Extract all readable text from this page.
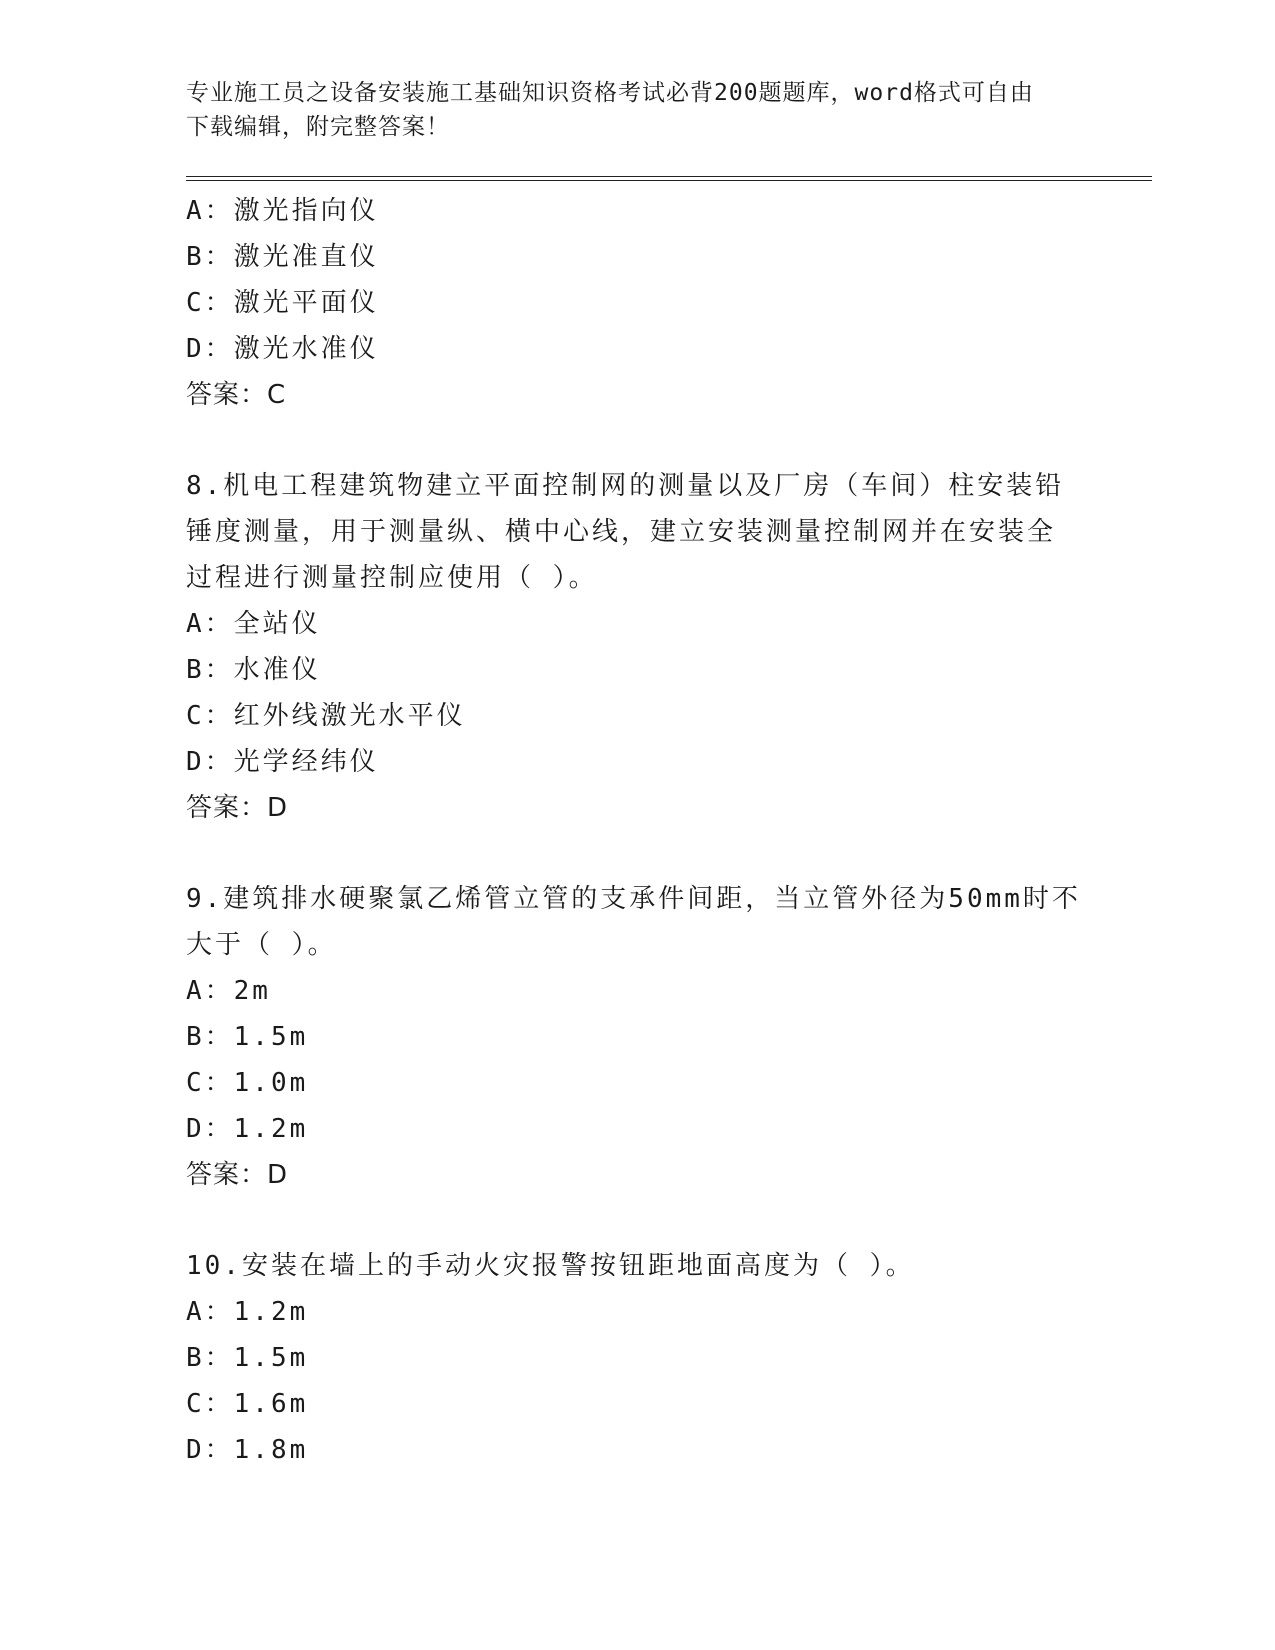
专业施工员之设备安装施工基础知识资格考试必背200题题库，word格式可自由
下载编辑，附完整答案！
A：激光指向仪
B：激光准直仪
C：激光平面仪
D：激光水准仪
答案：C
8.机电工程建筑物建立平面控制网的测量以及厂房（车间）柱安装铅
锤度测量，用于测量纵、横中心线，建立安装测量控制网并在安装全
过程进行测量控制应使用（ ）。
A：全站仪
B：水准仪
C：红外线激光水平仪
D：光学经纬仪
答案：D
9.建筑排水硬聚氯乙烯管立管的支承件间距，当立管外径为50mm时不
大于（ ）。
A：2m
B：1.5m
C：1.0m
D：1.2m
答案：D
10.安装在墙上的手动火灾报警按钮距地面高度为（ ）。
A：1.2m
B：1.5m
C：1.6m
D：1.8m
